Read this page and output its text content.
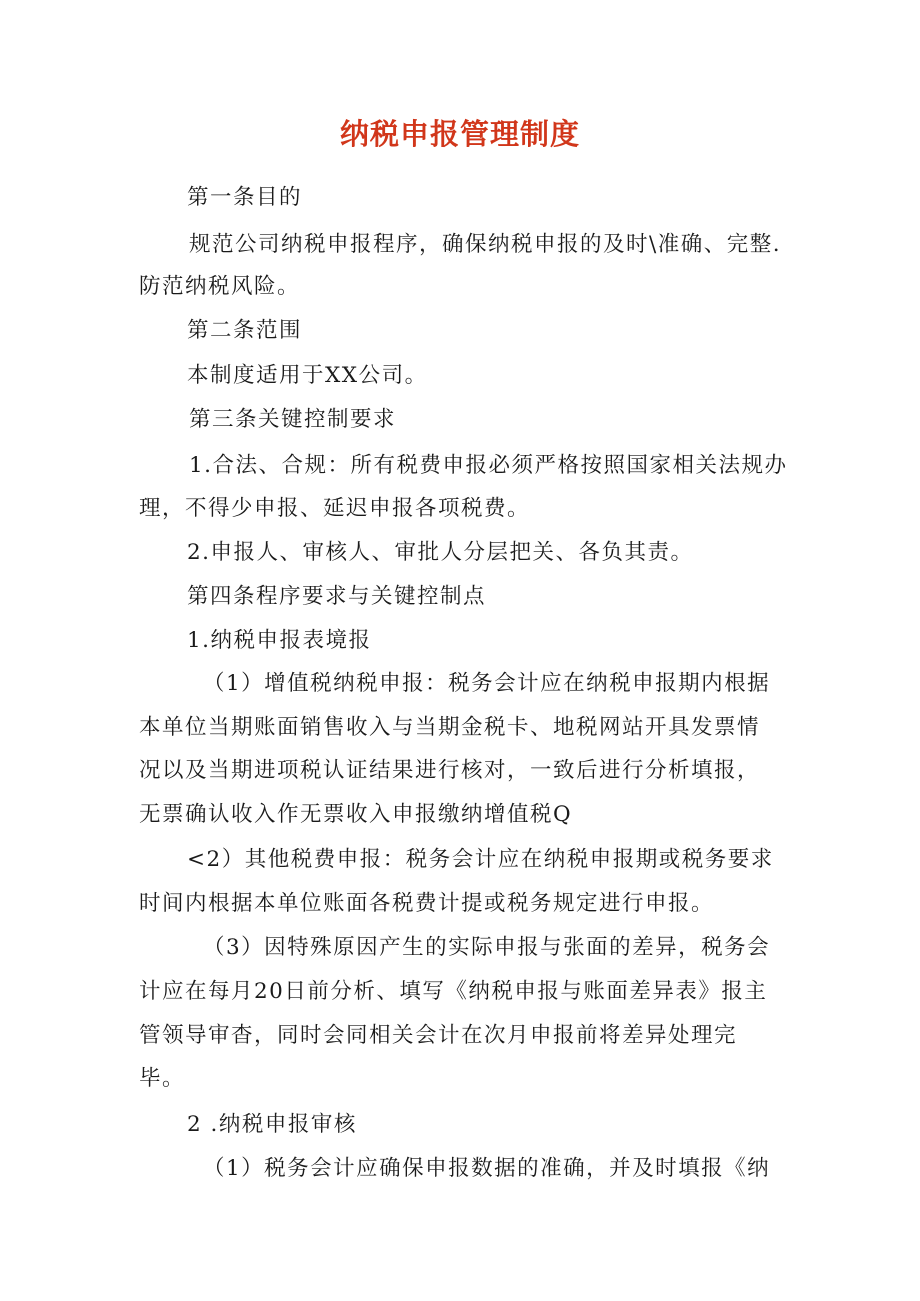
纳税申报管理制度
第一条目的
规范公司纳税申报程序，确保纳税申报的及时\准确、完整.
防范纳税风险。
第二条范围
本制度适用于XX公司。
第三条关键控制要求
1.合法、合规：所有税费申报必须严格按照国家相关法规办
理，不得少申报、延迟申报各项税费。
2.申报人、审核人、审批人分层把关、各负其责。
第四条程序要求与关键控制点
1.纳税申报表境报
（1）增值税纳税申报：税务会计应在纳税申报期内根据
本单位当期账面销售收入与当期金税卡、地税网站开具发票情
况以及当期进项税认证结果进行核对，一致后进行分析填报，
无票确认收入作无票收入申报缴纳增值税Q
<2）其他税费申报：税务会计应在纳税申报期或税务要求
时间内根据本单位账面各税费计提或税务规定进行申报。
（3）因特殊原因产生的实际申报与张面的差异，税务会
计应在每月20日前分析、填写《纳税申报与账面差异表》报主
管领导审杳，同时会同相关会计在次月申报前将差异处理完
毕。
2 .纳税申报审核
（1）税务会计应确保申报数据的准确，并及时填报《纳
